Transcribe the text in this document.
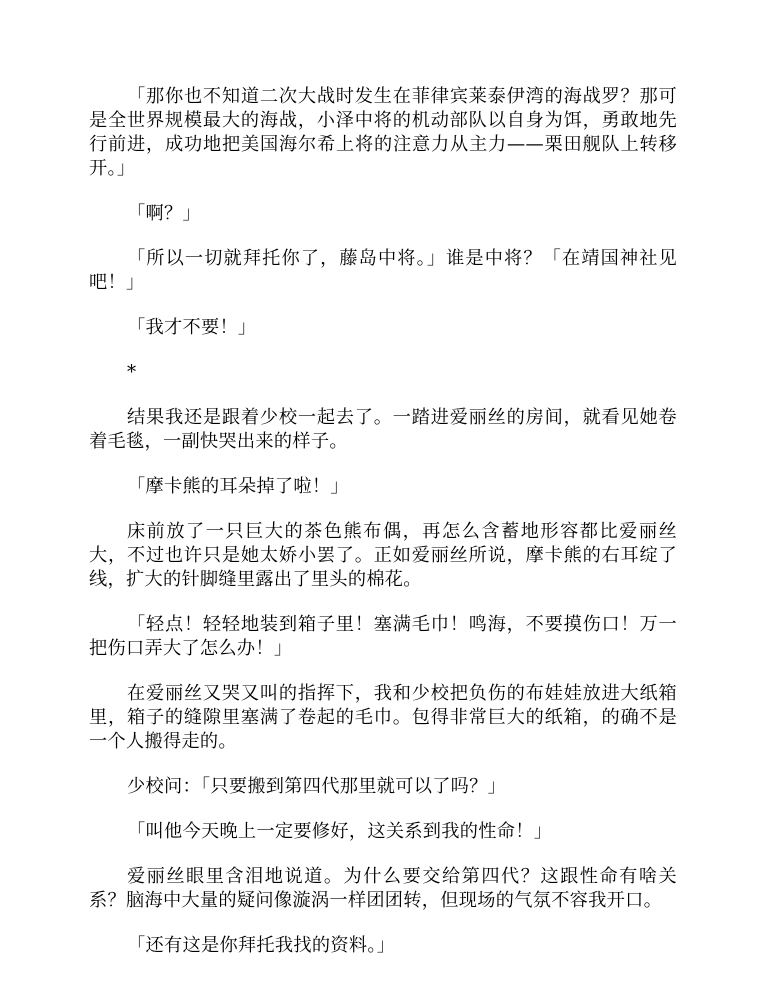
「那你也不知道二次大战时发生在菲律宾莱泰伊湾的海战罗？那可是全世界规模最大的海战，小泽中将的机动部队以自身为饵，勇敢地先行前进，成功地把美国海尔希上将的注意力从主力——栗田舰队上转移开。」

「啊？」

「所以一切就拜托你了，藤岛中将。」谁是中将？「在靖国神社见吧！」

「我才不要！」

*

结果我还是跟着少校一起去了。一踏进爱丽丝的房间，就看见她卷着毛毯，一副快哭出来的样子。

「摩卡熊的耳朵掉了啦！」

床前放了一只巨大的茶色熊布偶，再怎么含蓄地形容都比爱丽丝大，不过也许只是她太娇小罢了。正如爱丽丝所说，摩卡熊的右耳绽了线，扩大的针脚缝里露出了里头的棉花。

「轻点！轻轻地装到箱子里！塞满毛巾！鸣海，不要摸伤口！万一把伤口弄大了怎么办！」

在爱丽丝又哭又叫的指挥下，我和少校把负伤的布娃娃放进大纸箱里，箱子的缝隙里塞满了卷起的毛巾。包得非常巨大的纸箱，的确不是一个人搬得走的。

少校问：「只要搬到第四代那里就可以了吗？」

「叫他今天晚上一定要修好，这关系到我的性命！」

爱丽丝眼里含泪地说道。为什么要交给第四代？这跟性命有啥关系？脑海中大量的疑问像漩涡一样团团转，但现场的气氛不容我开口。

「还有这是你拜托我找的资料。」
